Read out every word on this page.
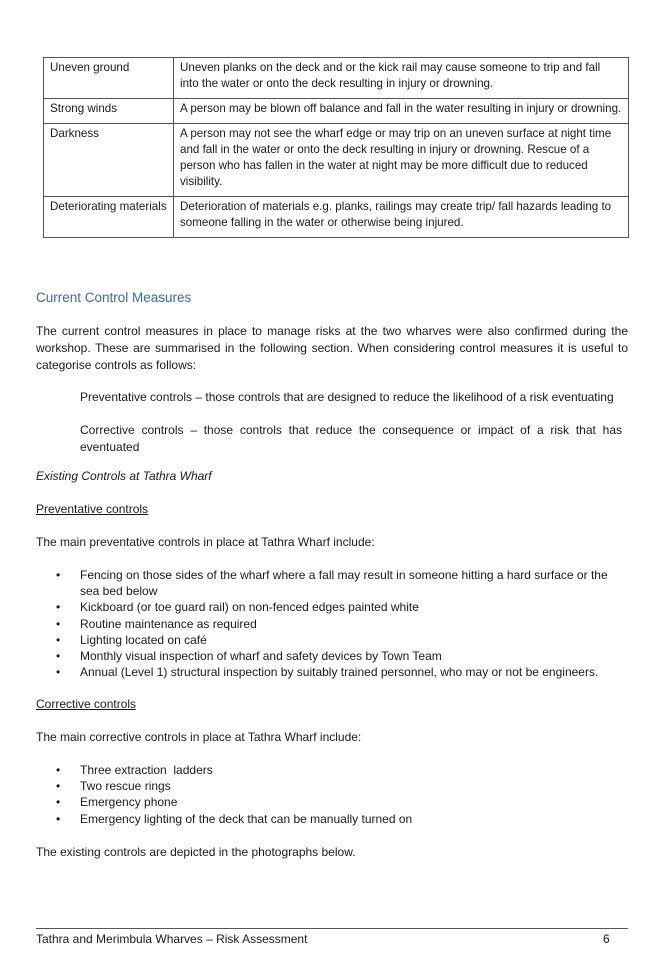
Uneven ground	Uneven planks on the deck and or the kick rail may cause someone to trip and fall into the water or onto the deck resulting in injury or drowning.
Strong winds	A person may be blown off balance and fall in the water resulting in injury or drowning.
Darkness	A person may not see the wharf edge or may trip on an uneven surface at night time and fall in the water or onto the deck resulting in injury or drowning. Rescue of a person who has fallen in the water at night may be more difficult due to reduced visibility.
Deteriorating materials	Deterioration of materials e.g. planks, railings may create trip/ fall hazards leading to someone falling in the water or otherwise being injured.
Current Control Measures

The current control measures in place to manage risks at the two wharves were also confirmed during the workshop. These are summarised in the following section. When considering control measures it is useful to categorise controls as follows:

Preventative controls – those controls that are designed to reduce the likelihood of a risk eventuating

Corrective controls – those controls that reduce the consequence or impact of a risk that has eventuated

Existing Controls at Tathra Wharf
Preventative controls
The main preventative controls in place at Tathra Wharf include:
•	Fencing on those sides of the wharf where a fall may result in someone hitting a hard surface or the sea bed below
•	Kickboard (or toe guard rail) on non-fenced edges painted white
•	Routine maintenance as required
•	Lighting located on café
•	Monthly visual inspection of wharf and safety devices by Town Team
•	Annual (Level 1) structural inspection by suitably trained personnel, who may or not be engineers.
Corrective controls
The main corrective controls in place at Tathra Wharf include:
•	Three extraction  ladders
•	Two rescue rings
•	Emergency phone
•	Emergency lighting of the deck that can be manually turned on
The existing controls are depicted in the photographs below.
Tathra and Merimbula Wharves – Risk Assessment	6
